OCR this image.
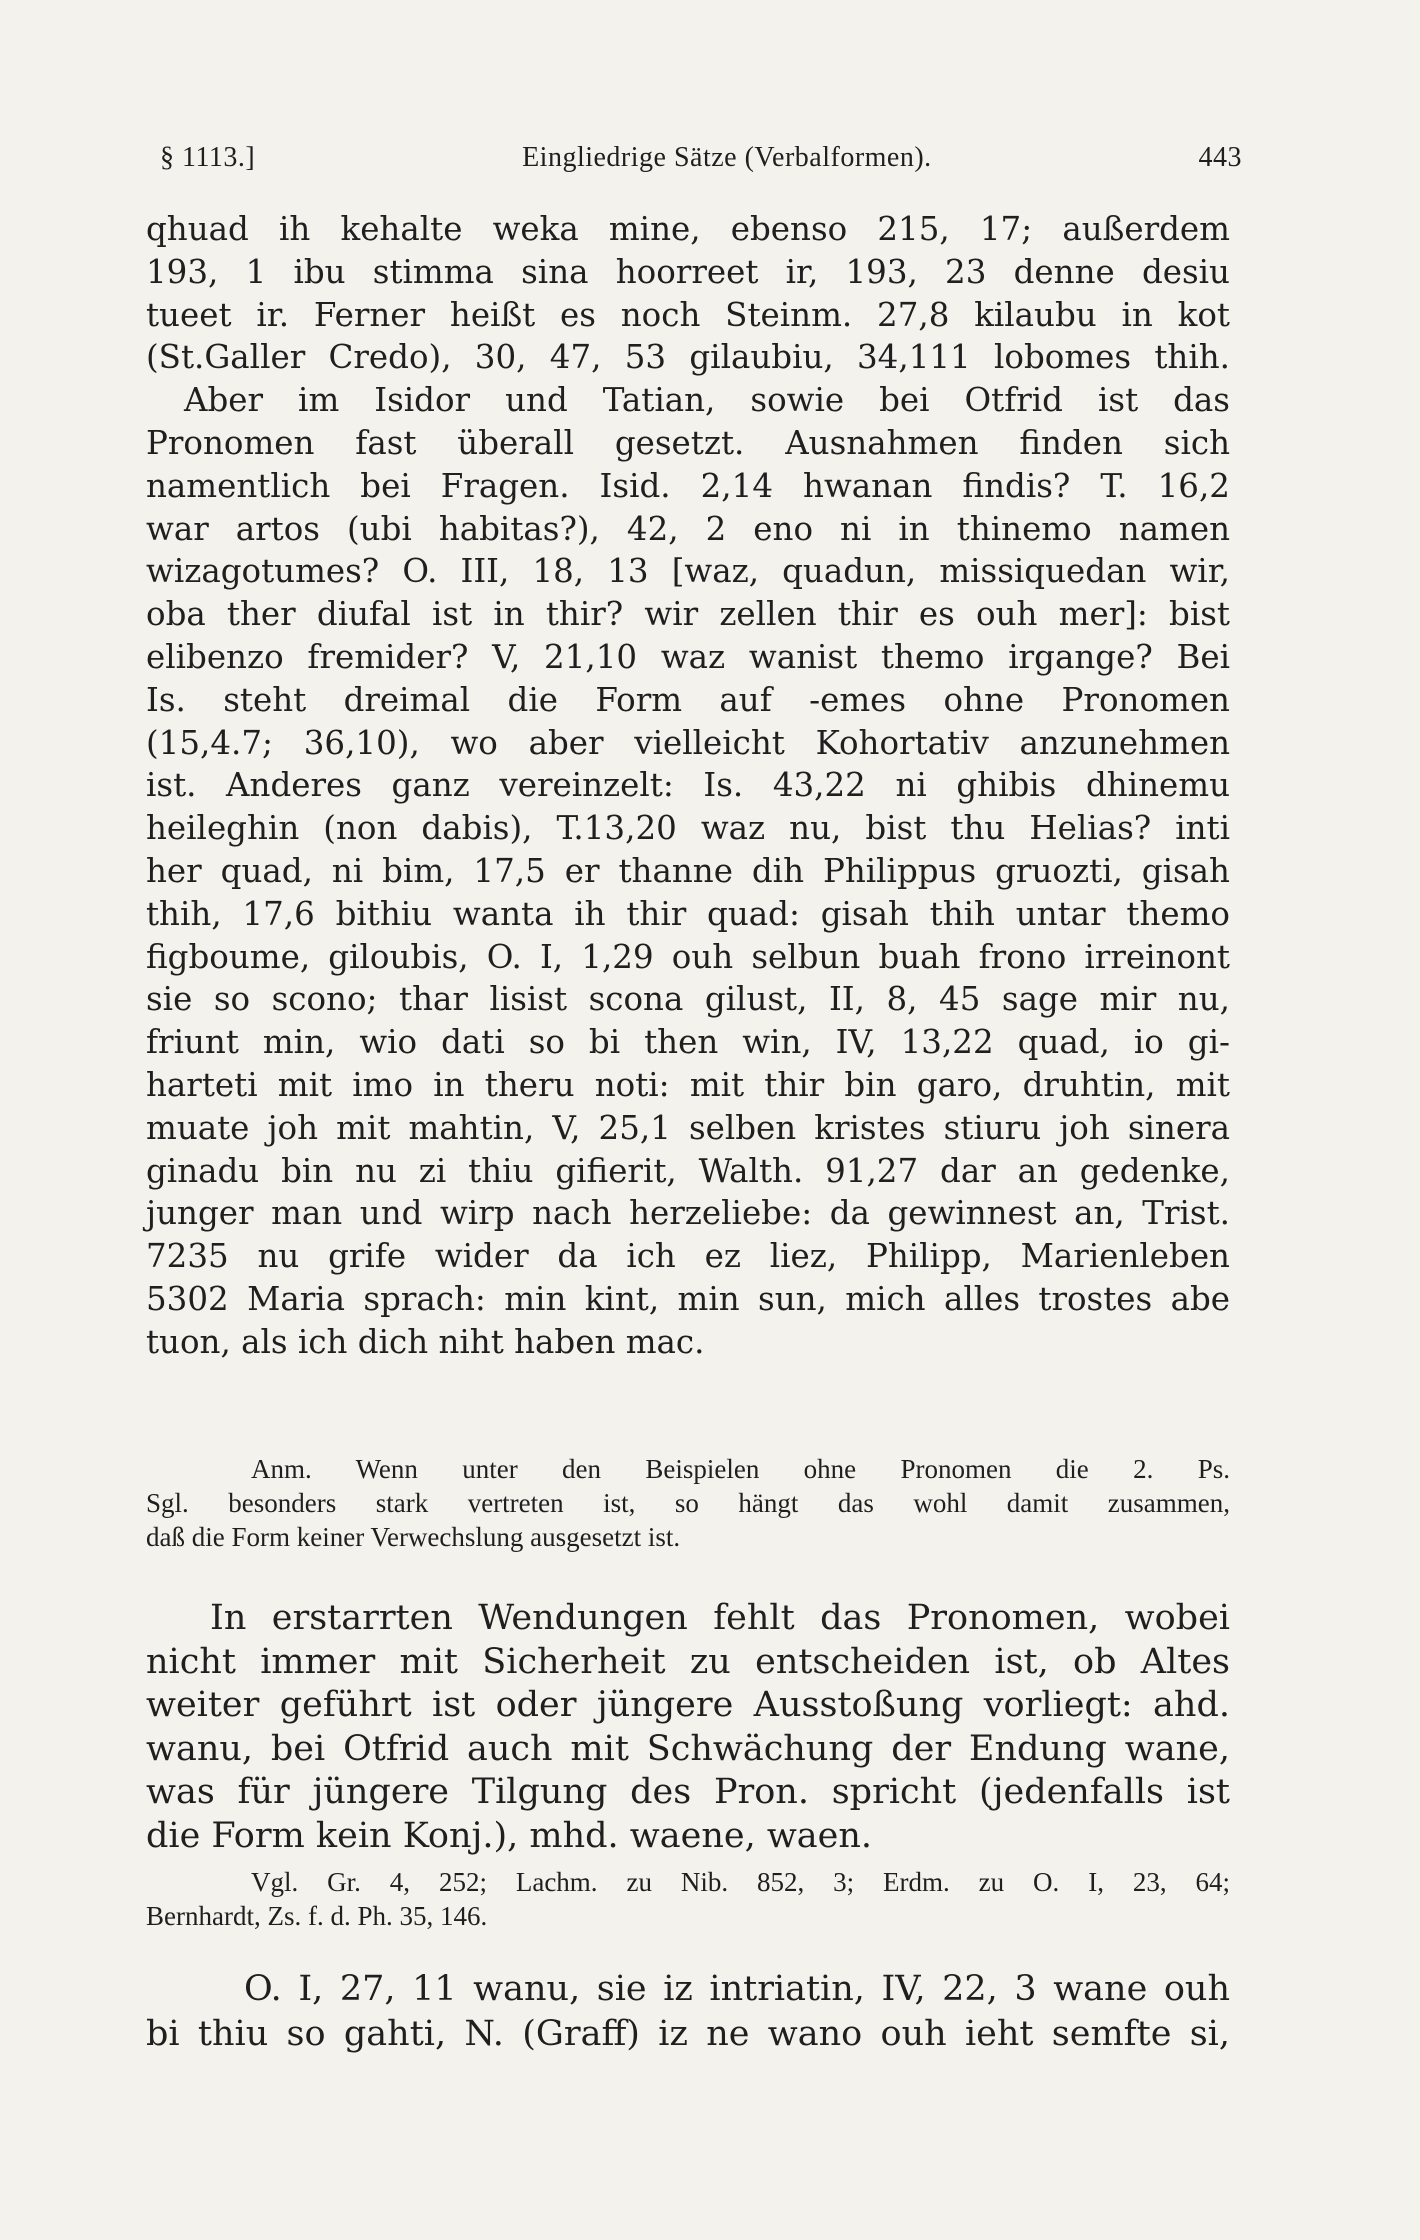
§ 1113.]	Eingliedrige Sätze (Verbalformen).	443
qhuad ih kehalte weka mine, ebenso 215, 17; außerdem
193, 1 ibu stimma sina hoorreet ir, 193, 23 denne desiu
tueet ir. Ferner heißt es noch Steinm. 27,8 kilaubu in kot
(St.Galler Credo), 30, 47, 53 gilaubiu, 34,111 lobomes thih.
Aber im Isidor und Tatian, sowie bei Otfrid ist das
Pronomen fast überall gesetzt. Ausnahmen finden sich
namentlich bei Fragen. Isid. 2,14 hwanan findis? T. 16,2
war artos (ubi habitas?), 42, 2 eno ni in thinemo namen
wizagotumes? O. III, 18, 13 [waz, quadun, missiquedan wir,
oba ther diufal ist in thir? wir zellen thir es ouh mer]: bist
elibenzo fremider? V, 21,10 waz wanist themo irgange? Bei
Is. steht dreimal die Form auf -emes ohne Pronomen
(15,4.7; 36,10), wo aber vielleicht Kohortativ anzunehmen
ist. Anderes ganz vereinzelt: Is. 43,22 ni ghibis dhinemu
heileghin (non dabis), T.13,20 waz nu, bist thu Helias? inti
her quad, ni bim, 17,5 er thanne dih Philippus gruozti, gisah
thih, 17,6 bithiu wanta ih thir quad: gisah thih untar themo
figboume, giloubis, O. I, 1,29 ouh selbun buah frono irreinont
sie so scono; thar lisist scona gilust, II, 8, 45 sage mir nu,
friunt min, wio dati so bi then win, IV, 13,22 quad, io gi-
harteti mit imo in theru noti: mit thir bin garo, druhtin, mit
muate joh mit mahtin, V, 25,1 selben kristes stiuru joh sinera
ginadu bin nu zi thiu gifierit, Walth. 91,27 dar an gedenke,
junger man und wirp nach herzeliebe: da gewinnest an, Trist.
7235 nu grife wider da ich ez liez, Philipp, Marienleben
5302 Maria sprach: min kint, min sun, mich alles trostes abe
tuon, als ich dich niht haben mac.
Anm. Wenn unter den Beispielen ohne Pronomen die 2. Ps.
Sgl. besonders stark vertreten ist, so hängt das wohl damit zusammen,
daß die Form keiner Verwechslung ausgesetzt ist.
In erstarrten Wendungen fehlt das Pronomen, wobei
nicht immer mit Sicherheit zu entscheiden ist, ob Altes
weiter geführt ist oder jüngere Ausstoßung vorliegt: ahd.
wanu, bei Otfrid auch mit Schwächung der Endung wane,
was für jüngere Tilgung des Pron. spricht (jedenfalls ist
die Form kein Konj.), mhd. waene, waen.
Vgl. Gr. 4, 252; Lachm. zu Nib. 852, 3; Erdm. zu O. I, 23, 64;
Bernhardt, Zs. f. d. Ph. 35, 146.
O. I, 27, 11 wanu, sie iz intriatin, IV, 22, 3 wane ouh
bi thiu so gahti, N. (Graff) iz ne wano ouh ieht semfte si,
